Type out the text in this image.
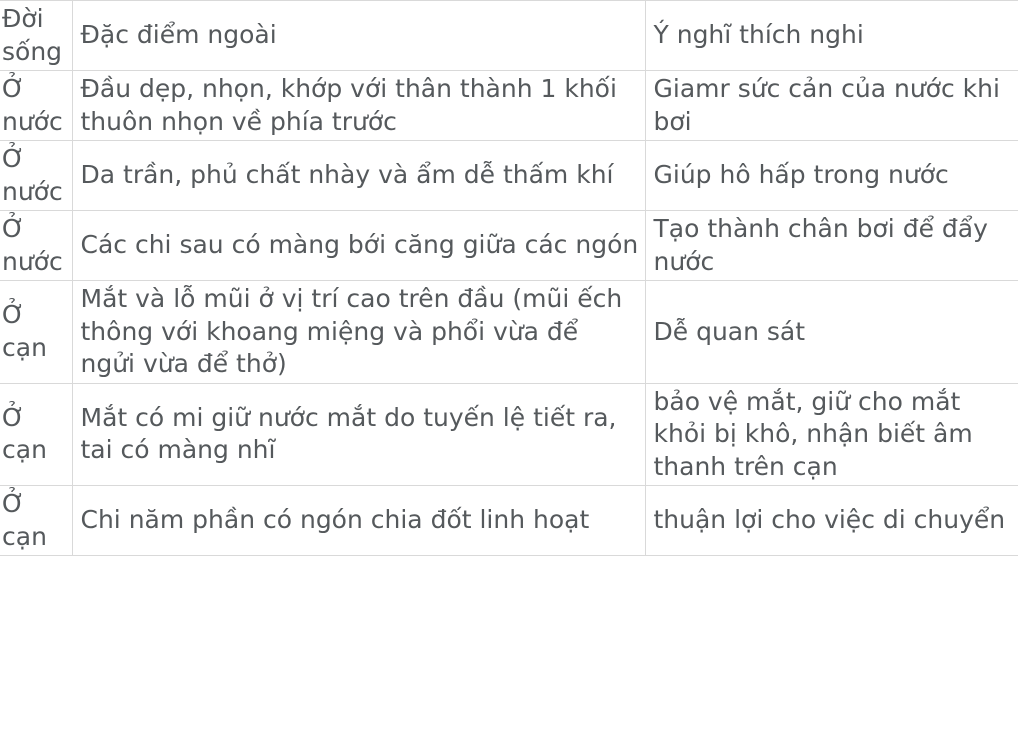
Đời sống	Đặc điểm ngoài	Ý nghĩ thích nghi

Ở nước	Đầu dẹp, nhọn, khớp với thân thành 1 khối thuôn nhọn về phía trước	Giamr sức cản của nước khi bơi

Ở nước	Da trần, phủ chất nhày và ẩm dễ thấm khí	Giúp hô hấp trong nước

Ở nước	Các chi sau có màng bới căng giữa các ngón	Tạo thành chân bơi để đẩy nước

Ở cạn	Mắt và lỗ mũi ở vị trí cao trên đầu (mũi ếch thông với khoang miệng và phổi vừa để ngửi vừa để thở)	Dễ quan sát

Ở cạn	Mắt có mi giữ nước mắt do tuyến lệ tiết ra, tai có màng nhĩ	bảo vệ mắt, giữ cho mắt khỏi bị khô, nhận biết âm thanh trên cạn

Ở cạn	Chi năm phần có ngón chia đốt linh hoạt	thuận lợi cho việc di chuyển
